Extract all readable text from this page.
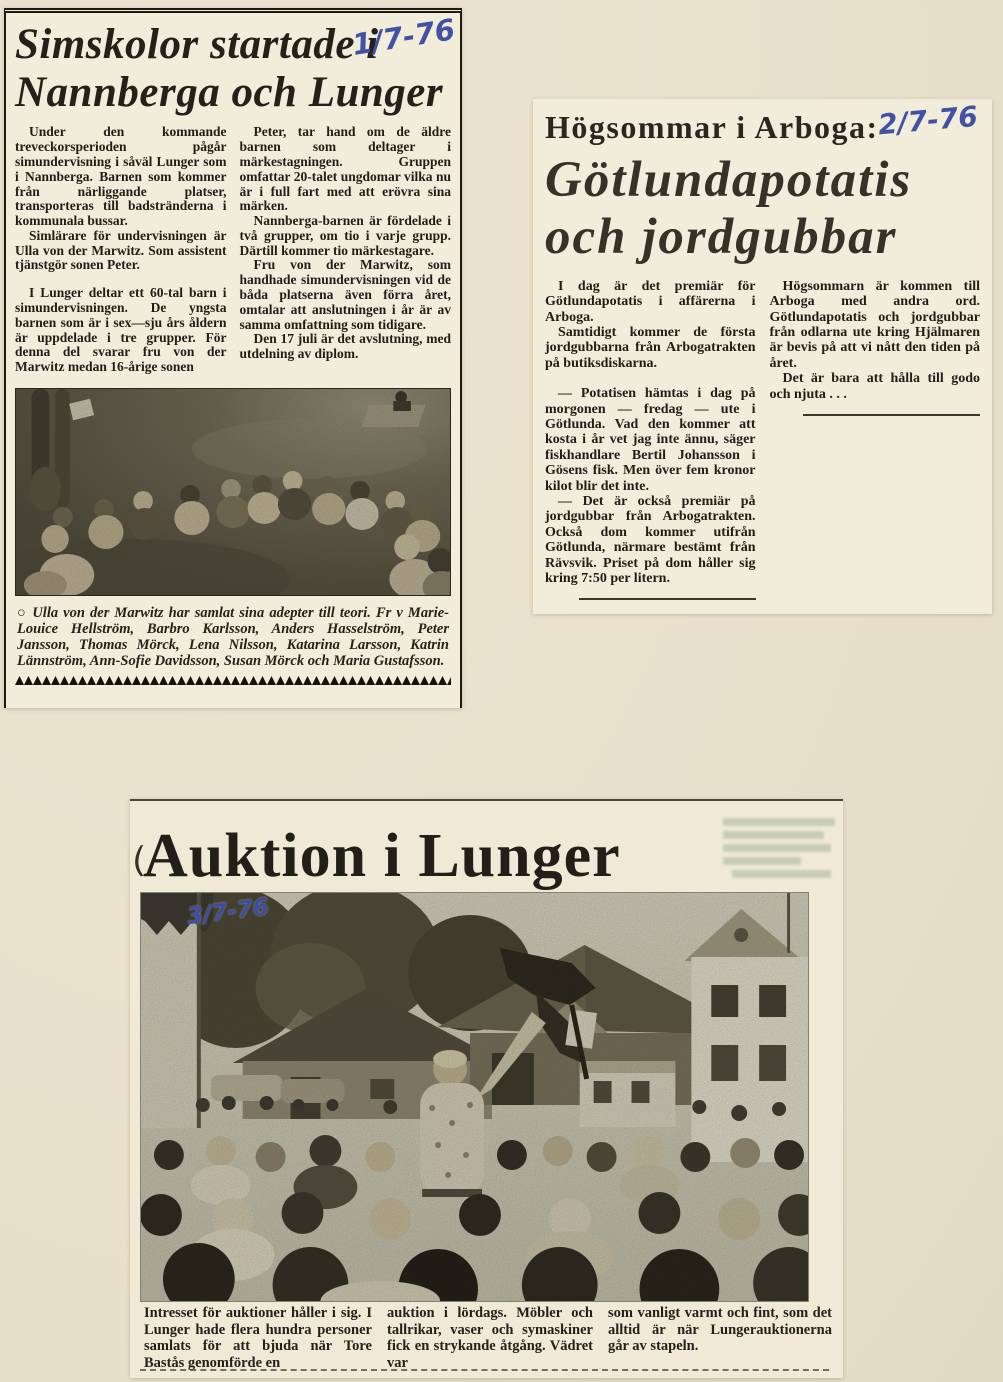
Simskolor startade i
1/7-76
Nannberga och Lunger

Under den kommande treveckorsperioden pågår simundervisning i såväl Lunger som i Nannberga. Barnen som kommer från närliggande platser, transporteras till badstränderna i kommunala bussar.

Simlärare för undervisningen är Ulla von der Marwitz. Som assistent tjänstgör sonen Peter.

I Lunger deltar ett 60-tal barn i simundervisningen. De yngsta barnen som är i sex—sju års åldern är uppdelade i tre grupper. För denna del svarar fru von der Marwitz medan 16-årige sonen

Peter, tar hand om de äldre barnen som deltager i märkestagningen. Gruppen omfattar 20-talet ungdomar vilka nu är i full fart med att erövra sina märken.

Nannberga-barnen är fördelade i två grupper, om tio i varje grupp. Därtill kommer tio märkestagare.

Fru von der Marwitz, som handhade simundervisningen vid de båda platserna även förra året, omtalar att anslutningen i år är av samma omfattning som tidigare.

Den 17 juli är det avslutning, med utdelning av diplom.

○ Ulla von der Marwitz har samlat sina adepter till teori. Fr v Marie-Louice Hellström, Barbro Karlsson, Anders Hasselström, Peter Jansson, Thomas Mörck, Lena Nilsson, Katarina Larsson, Katrin Lännström, Ann-Sofie Davidsson, Susan Mörck och Maria Gustafsson.

Högsommar i Arboga:
2/7-76
Götlundapotatis
och jordgubbar

I dag är det premiär för Götlundapotatis i affärerna i Arboga.

Samtidigt kommer de första jordgubbarna från Arbogatrakten på butiksdiskarna.

— Potatisen hämtas i dag på morgonen — fredag — ute i Götlunda. Vad den kommer att kosta i år vet jag inte ännu, säger fiskhandlare Bertil Johansson i Gösens fisk. Men över fem kronor kilot blir det inte.

— Det är också premiär på jordgubbar från Arbogatrakten. Också dom kommer utifrån Götlunda, närmare bestämt från Rävsvik. Priset på dom håller sig kring 7:50 per litern.

Högsommarn är kommen till Arboga med andra ord. Götlundapotatis och jordgubbar från odlarna ute kring Hjälmaren är bevis på att vi nått den tiden på året.

Det är bara att hålla till godo och njuta . . .

(
Auktion i Lunger
3/7-76

Intresset för auktioner håller i sig. I Lunger hade flera hundra personer samlats för att bjuda när Tore Bastås genomförde en

auktion i lördags. Möbler och tallrikar, vaser och symaskiner fick en strykande åtgång. Vädret var

som vanligt varmt och fint, som det alltid är när Lungerauktionerna går av stapeln.
